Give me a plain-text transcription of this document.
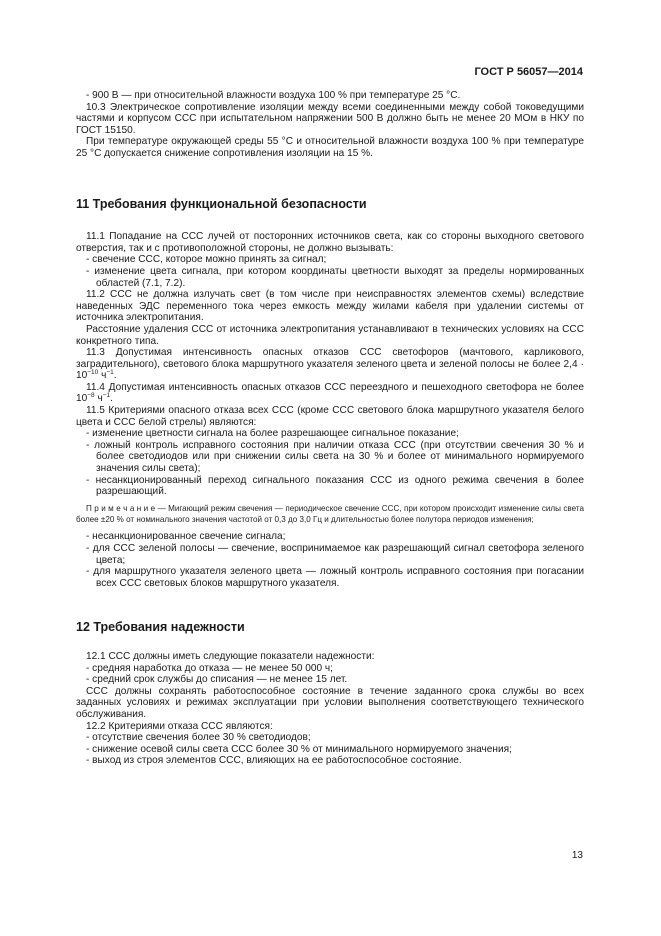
ГОСТ Р 56057—2014

- 900 В — при относительной влажности воздуха 100 % при температуре 25 °С.

10.3 Электрическое сопротивление изоляции между всеми соединенными между собой токоведущими частями и корпусом ССС при испытательном напряжении 500 В должно быть не менее 20 МОм в НКУ по ГОСТ 15150.

При температуре окружающей среды 55 °С и относительной влажности воздуха 100 % при температуре 25 °С допускается снижение сопротивления изоляции на 15 %.

11 Требования функциональной безопасности

11.1 Попадание на ССС лучей от посторонних источников света, как со стороны выходного светового отверстия, так и с противоположной стороны, не должно вызывать:

- свечение ССС, которое можно принять за сигнал;

- изменение цвета сигнала, при котором координаты цветности выходят за пределы нормированных областей (7.1, 7.2).

11.2 ССС не должна излучать свет (в том числе при неисправностях элементов схемы) вследствие наведенных ЭДС переменного тока через емкость между жилами кабеля при удалении системы от источника электропитания.

Расстояние удаления ССС от источника электропитания устанавливают в технических условиях на ССС конкретного типа.

11.3 Допустимая интенсивность опасных отказов ССС светофоров (мачтового, карликового, заградительного), светового блока маршрутного указателя зеленого цвета и зеленой полосы не более $2,4 \cdot 10^{-10}$ $ч^{-1}$.

11.4 Допустимая интенсивность опасных отказов ССС переездного и пешеходного светофора не более $10^{-8}$ $ч^{-1}$.

11.5 Критериями опасного отказа всех ССС (кроме ССС светового блока маршрутного указателя белого цвета и ССС белой стрелы) являются:

- изменение цветности сигнала на более разрешающее сигнальное показание;

- ложный контроль исправного состояния при наличии отказа ССС (при отсутствии свечения 30 % и более светодиодов или при снижении силы света на 30 % и более от минимального нормируемого значения силы света);

- несанкционированный переход сигнального показания ССС из одного режима свечения в более разрешающий.

П р и м е ч а н и е — Мигающий режим свечения — периодическое свечение ССС, при котором происходит изменение силы света более ±20 % от номинального значения частотой от 0,3 до 3,0 Гц и длительностью более полутора периодов изменения;

- несанкционированное свечение сигнала;

- для ССС зеленой полосы — свечение, воспринимаемое как разрешающий сигнал светофора зеленого цвета;

- для маршрутного указателя зеленого цвета — ложный контроль исправного состояния при погасании всех ССС световых блоков маршрутного указателя.

12 Требования надежности

12.1 ССС должны иметь следующие показатели надежности:

- средняя наработка до отказа — не менее 50 000 ч;

- средний срок службы до списания — не менее 15 лет.

ССС должны сохранять работоспособное состояние в течение заданного срока службы во всех заданных условиях и режимах эксплуатации при условии выполнения соответствующего технического обслуживания.

12.2 Критериями отказа ССС являются:

- отсутствие свечения более 30 % светодиодов;

- снижение осевой силы света ССС более 30 % от минимального нормируемого значения;

- выход из строя элементов ССС, влияющих на ее работоспособное состояние.

13
